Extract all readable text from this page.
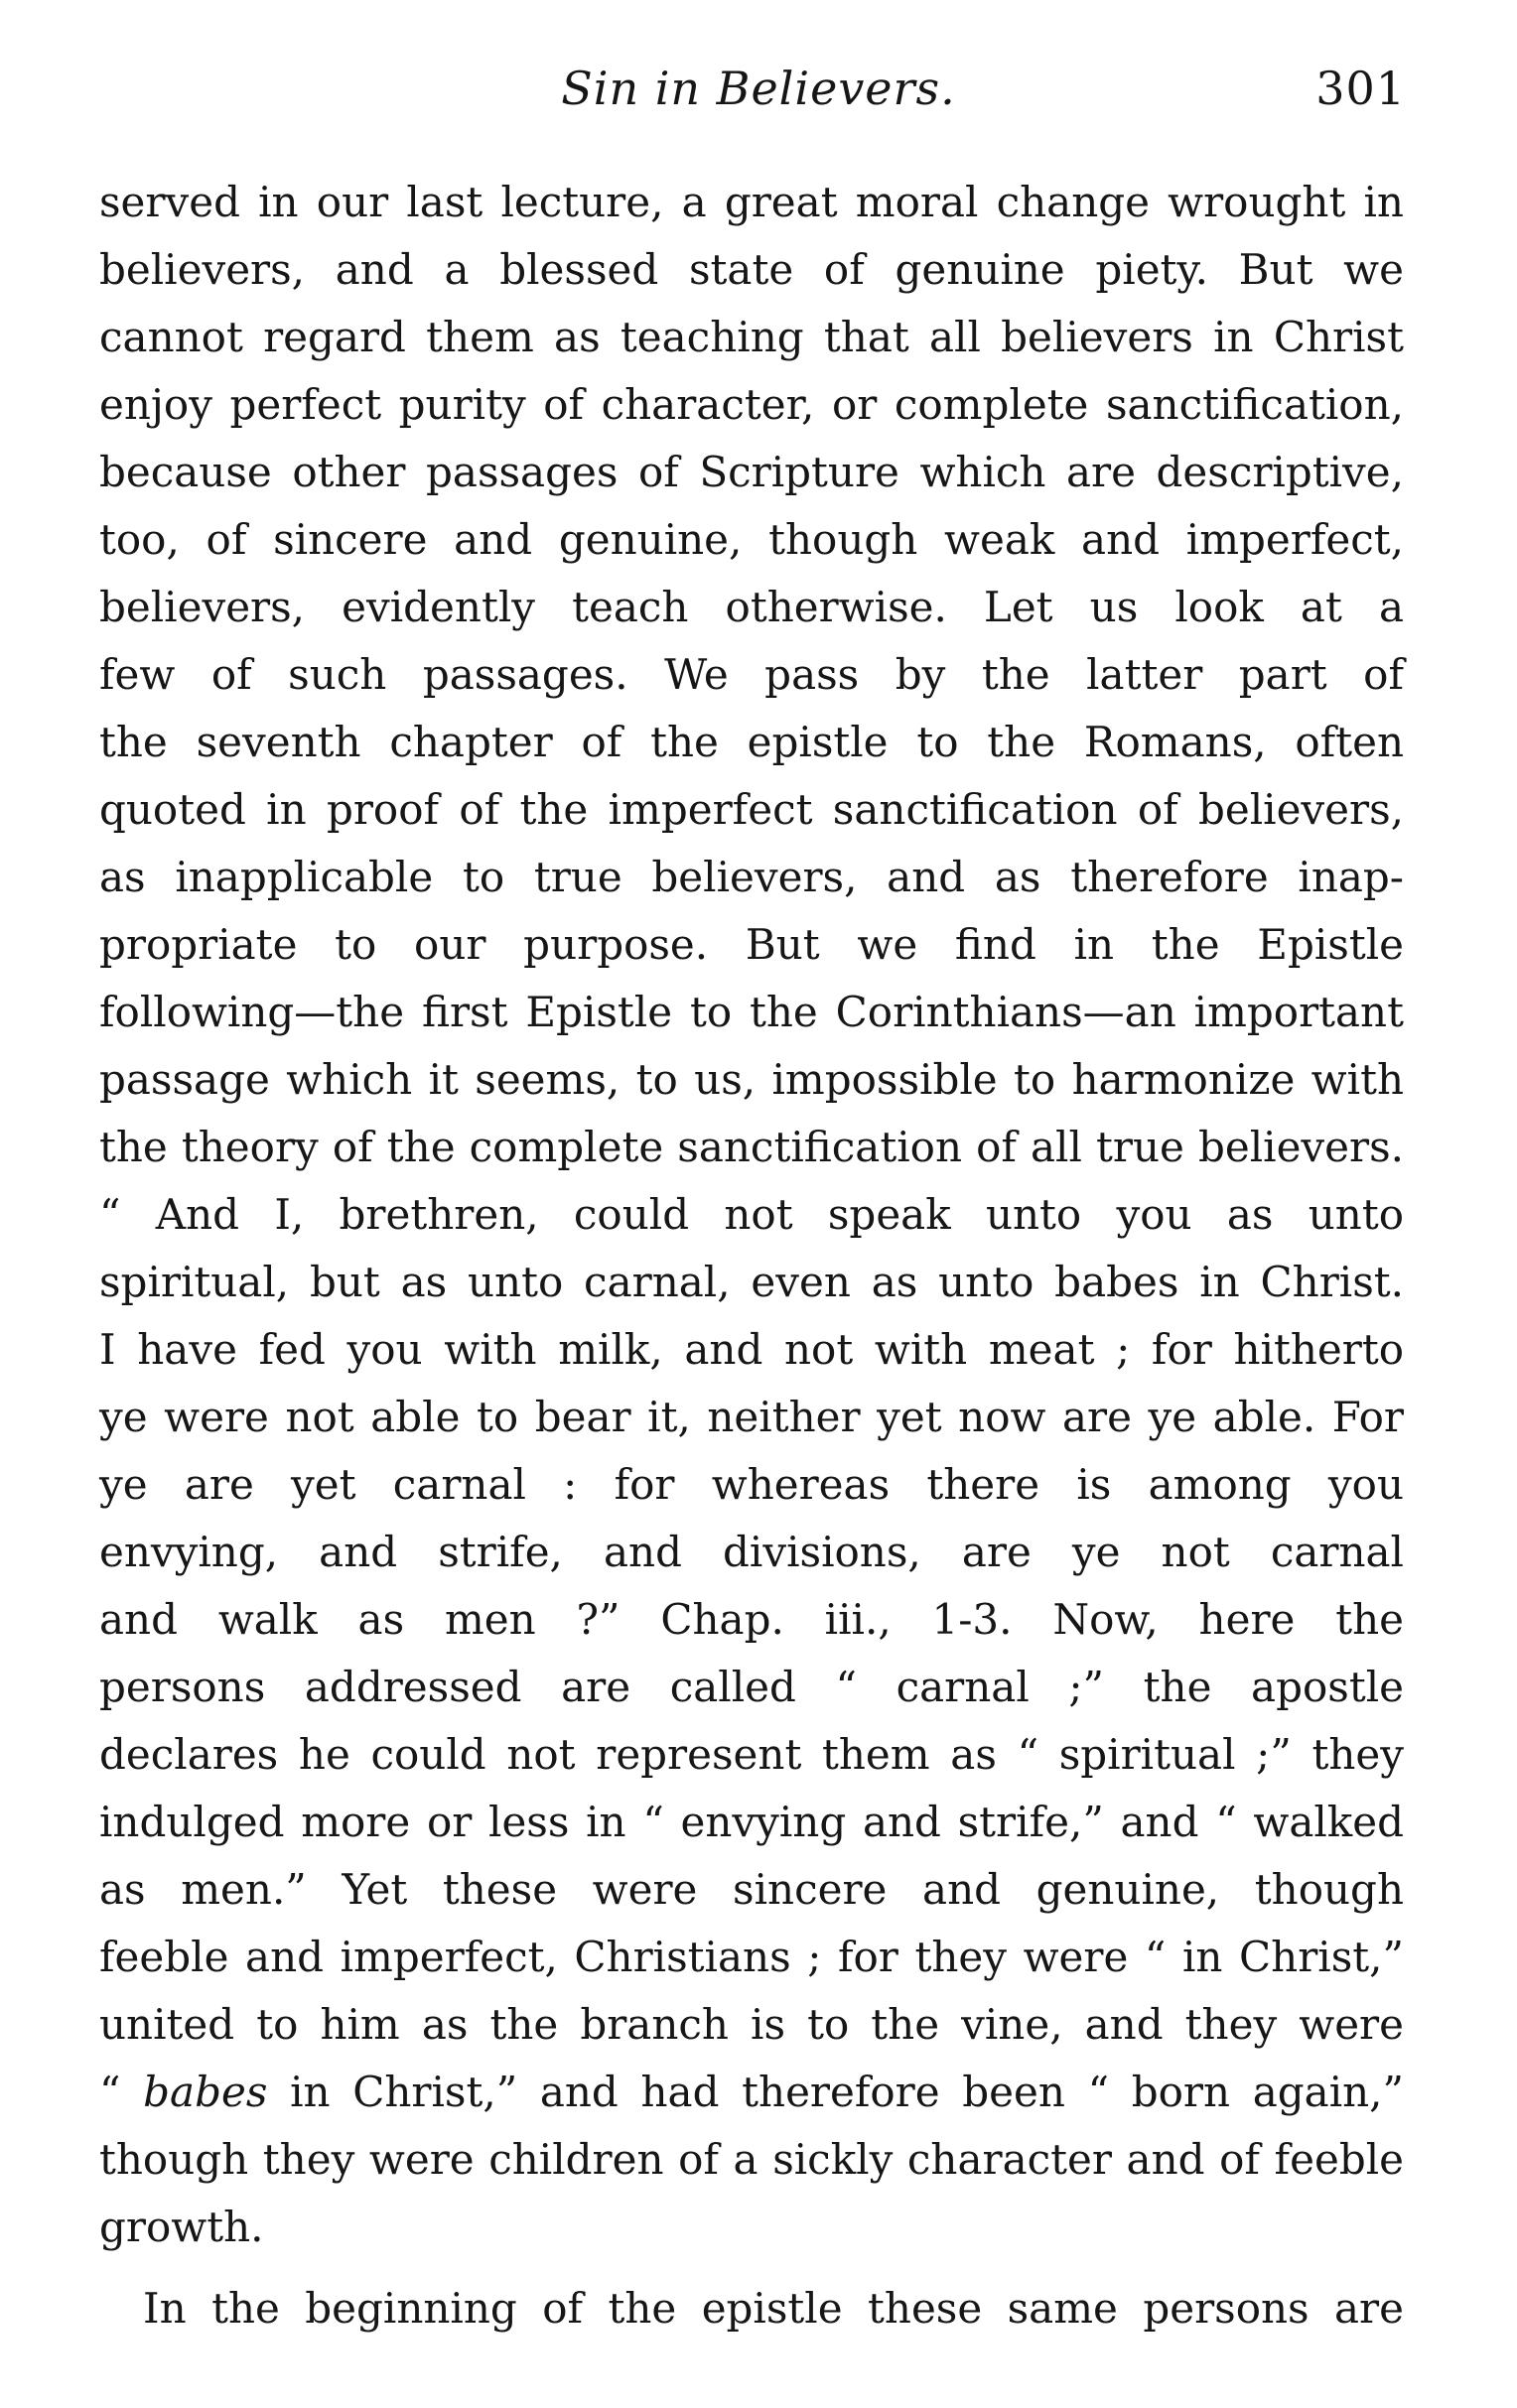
Sin in Believers.	301
served in our last lecture, a great moral change wrought in
believers, and a blessed state of genuine piety. But we
cannot regard them as teaching that all believers in Christ
enjoy perfect purity of character, or complete sanctification,
because other passages of Scripture which are descriptive,
too, of sincere and genuine, though weak and imperfect,
believers, evidently teach otherwise. Let us look at a
few of such passages. We pass by the latter part of
the seventh chapter of the epistle to the Romans, often
quoted in proof of the imperfect sanctification of believers,
as inapplicable to true believers, and as therefore inap-
propriate to our purpose. But we find in the Epistle
following—the first Epistle to the Corinthians—an important
passage which it seems, to us, impossible to harmonize with
the theory of the complete sanctification of all true believers.
“ And I, brethren, could not speak unto you as unto
spiritual, but as unto carnal, even as unto babes in Christ.
I have fed you with milk, and not with meat ; for hitherto
ye were not able to bear it, neither yet now are ye able. For
ye are yet carnal : for whereas there is among you
envying, and strife, and divisions, are ye not carnal
and walk as men ?” Chap. iii., 1-3. Now, here the
persons addressed are called “ carnal ;” the apostle
declares he could not represent them as “ spiritual ;” they
indulged more or less in “ envying and strife,” and “ walked
as men.” Yet these were sincere and genuine, though
feeble and imperfect, Christians ; for they were “ in Christ,”
united to him as the branch is to the vine, and they were
“ babes in Christ,” and had therefore been “ born again,”
though they were children of a sickly character and of feeble
growth.
In the beginning of the epistle these same persons are
